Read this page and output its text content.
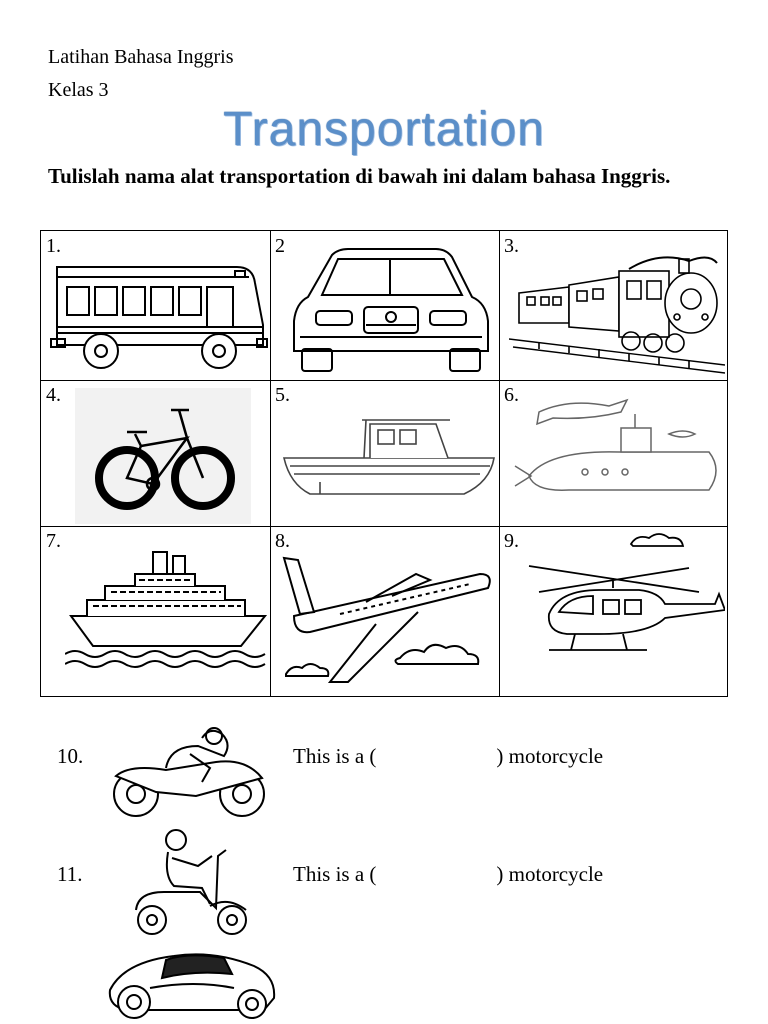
Latihan Bahasa Inggris
Kelas 3
Transportation
Tulislah nama alat transportation di bawah ini dalam bahasa Inggris.
1.	2	3.
4.	5.	6.
7.	8.	9.
10.	This is a (	) motorcycle
11.	This is a (	) motorcycle
